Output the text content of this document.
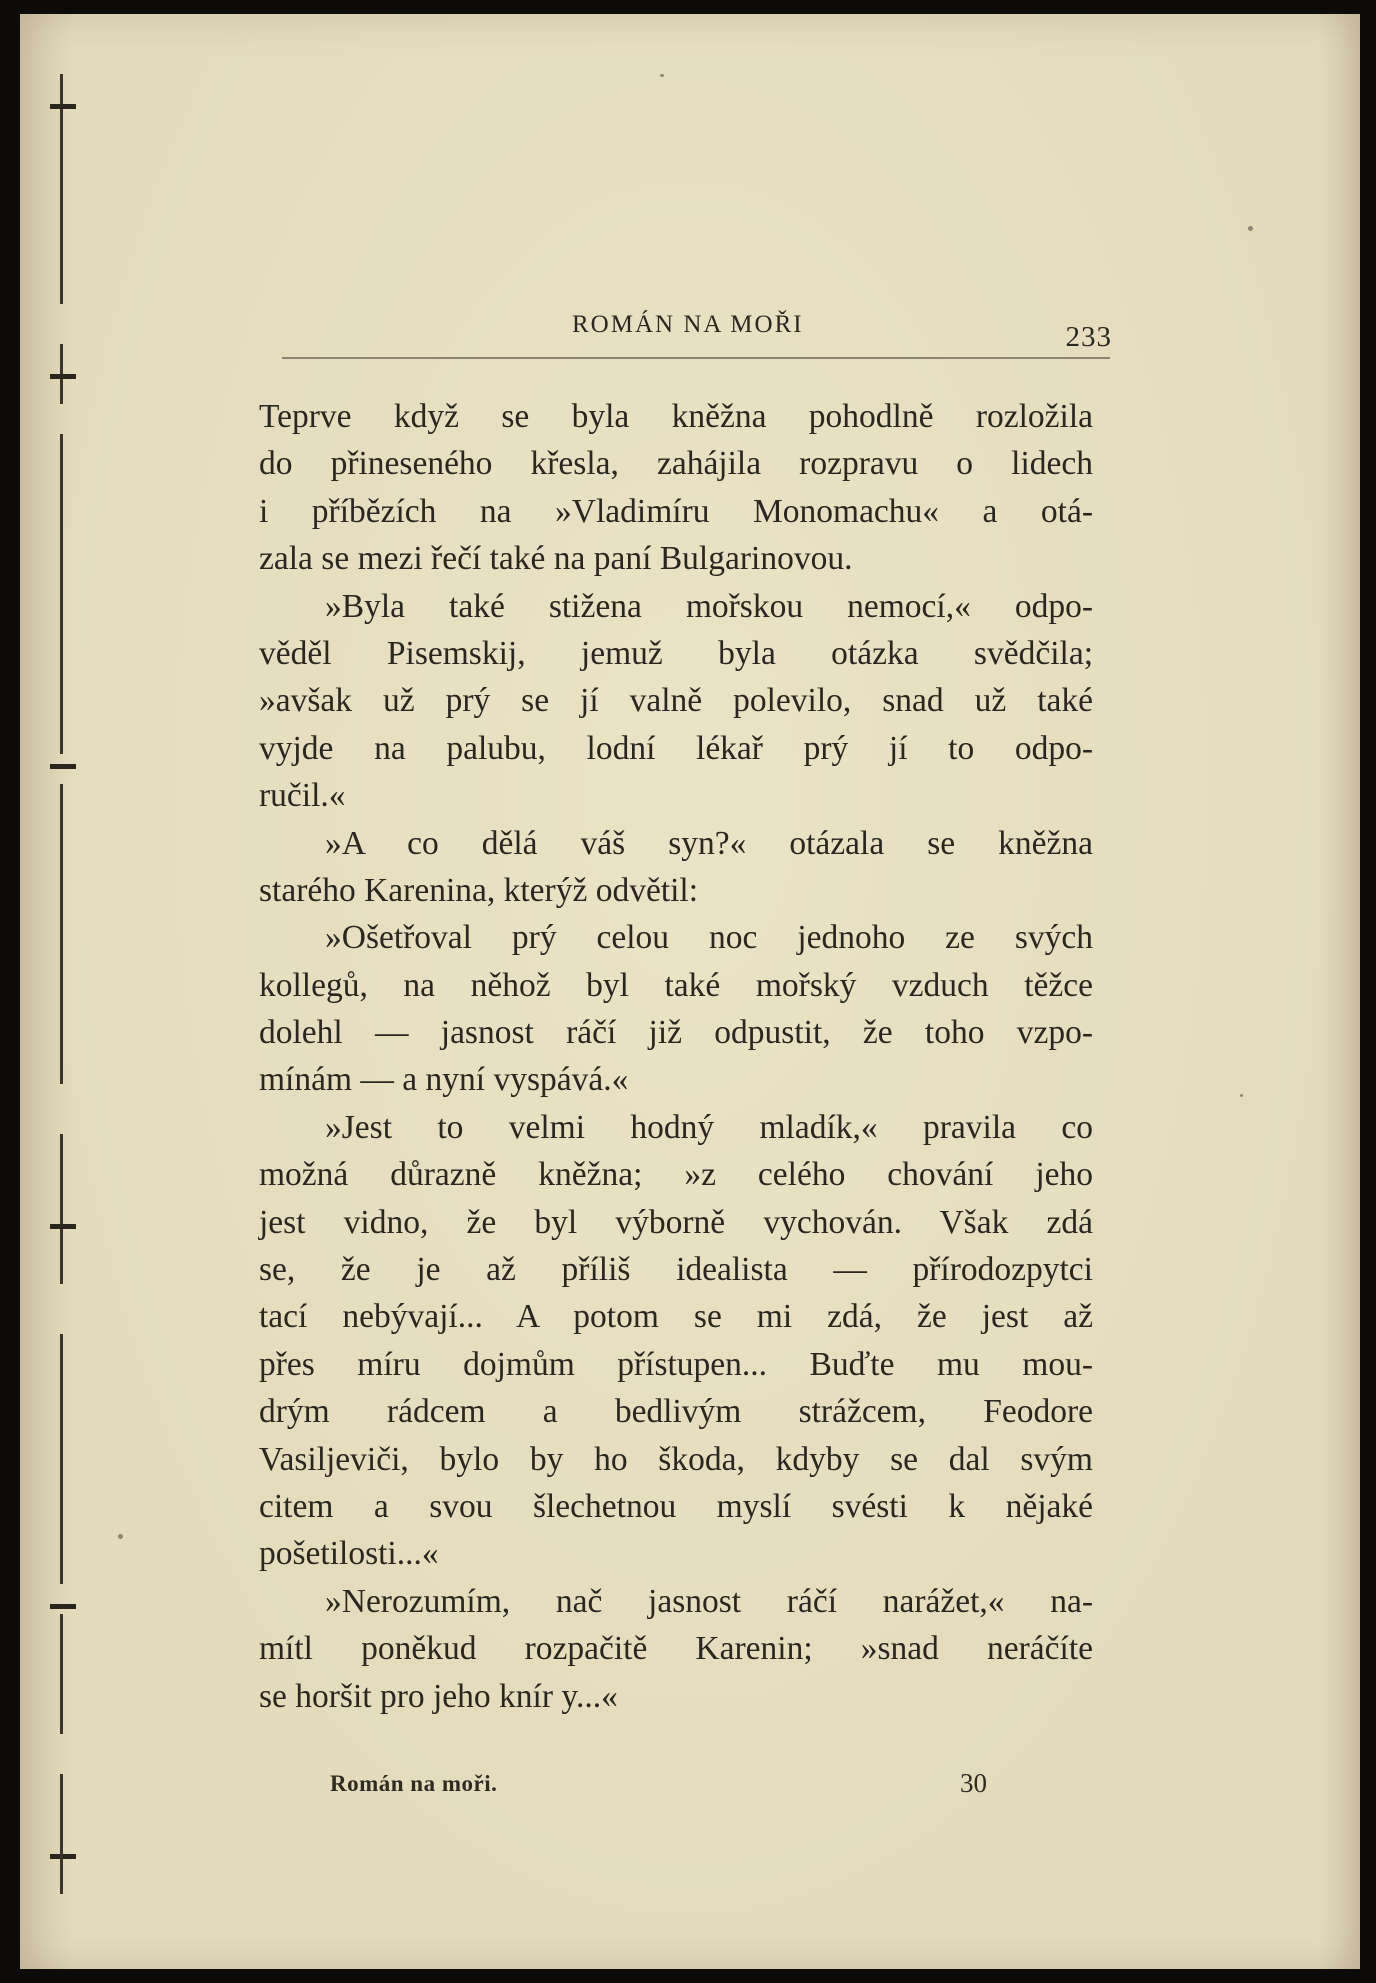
ROMÁN NA MOŘI	233
Román na moři.	30
Teprve když se byla kněžna pohodlně rozložila
do přineseného křesla, zahájila rozpravu o lidech
i příbězích na »Vladimíru Monomachu« a otá-
zala se mezi řečí také na paní Bulgarinovou.
»Byla také stižena mořskou nemocí,« odpo-
věděl Pisemskij, jemuž byla otázka svědčila;
»avšak už prý se jí valně polevilo, snad už také
vyjde na palubu, lodní lékař prý jí to odpo-
ručil.«
»A co dělá váš syn?« otázala se kněžna
starého Karenina, kterýž odvětil:
»Ošetřoval prý celou noc jednoho ze svých
kollegů, na něhož byl také mořský vzduch těžce
dolehl — jasnost ráčí již odpustit, že toho vzpo-
mínám — a nyní vyspává.«
»Jest to velmi hodný mladík,« pravila co
možná důrazně kněžna; »z celého chování jeho
jest vidno, že byl výborně vychován. Však zdá
se, že je až příliš idealista — přírodozpytci
tací nebývají... A potom se mi zdá, že jest až
přes míru dojmům přístupen... Buďte mu mou-
drým rádcem a bedlivým strážcem, Feodore
Vasiljeviči, bylo by ho škoda, kdyby se dal svým
citem a svou šlechetnou myslí svésti k nějaké
pošetilosti...«
»Nerozumím, nač jasnost ráčí narážet,« na-
mítl poněkud rozpačitě Karenin; »snad neráčíte
se horšit pro jeho knír y...«
